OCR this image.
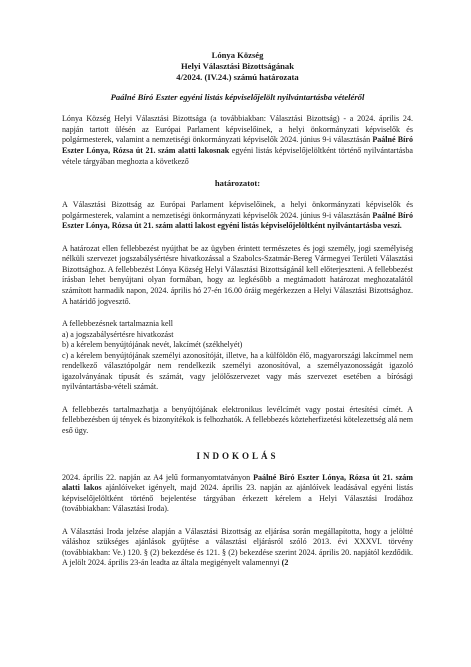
Lónya Község
Helyi Választási Bizottságának
4/2024. (IV.24.) számú határozata
Paálné Bíró Eszter egyéni listás képviselőjelölt nyilvántartásba vételéről

Lónya Község Helyi Választási Bizottsága (a továbbiakban: Választási Bizottság) - a 2024. április 24. napján tartott ülésén az Európai Parlament képviselőinek, a helyi önkormányzati képviselők és polgármesterek, valamint a nemzetiségi önkormányzati képviselők 2024. június 9-i választásán Paálné Bíró Eszter Lónya, Rózsa út 21. szám alatti lakosnak egyéni listás képviselőjelöltként történő nyilvántartásba vétele tárgyában meghozta a következő

határozatot:

A Választási Bizottság az Európai Parlament képviselőinek, a helyi önkormányzati képviselők és polgármesterek, valamint a nemzetiségi önkormányzati képviselők 2024. június 9-i választásán Paálné Bíró Eszter Lónya, Rózsa út 21. szám alatti lakost egyéni listás képviselőjelöltként nyilvántartásba veszi.

A határozat ellen fellebbezést nyújthat be az ügyben érintett természetes és jogi személy, jogi személyiség nélküli szervezet jogszabálysértésre hivatkozással a Szabolcs-Szatmár-Bereg Vármegyei Területi Választási Bizottsághoz. A fellebbezést Lónya Község Helyi Választási Bizottságánál kell előterjeszteni. A fellebbezést írásban lehet benyújtani olyan formában, hogy az legkésőbb a megtámadott határozat meghozatalától számított harmadik napon, 2024. április hó 27-én 16.00 óráig megérkezzen a Helyi Választási Bizottsághoz. A határidő jogvesztő.

A fellebbezésnek tartalmaznia kell

a) a jogszabálysértésre hivatkozást

b) a kérelem benyújtójának nevét, lakcímét (székhelyét)

c) a kérelem benyújtójának személyi azonosítóját, illetve, ha a külföldön élő, magyarországi lakcímmel nem rendelkező választópolgár nem rendelkezik személyi azonosítóval, a személyazonosságát igazoló igazolványának típusát és számát, vagy jelölőszervezet vagy más szervezet esetében a bírósági nyilvántartásba-vételi számát.

A fellebbezés tartalmazhatja a benyújtójának elektronikus levélcímét vagy postai értesítési címét. A fellebbezésben új tények és bizonyítékok is felhozhatók. A fellebbezés közteherfizetési kötelezettség alá nem eső ügy.

INDOKOLÁS

2024. április 22. napján az A4 jelű formanyomtatványon Paálné Bíró Eszter Lónya, Rózsa út 21. szám alatti lakos ajánlóíveket igényelt, majd 2024. április 23. napján az ajánlóívek leadásával egyéni listás képviselőjelöltként történő bejelentése tárgyában érkezett kérelem a Helyi Választási Irodához (továbbiakban: Választási Iroda).

A Választási Iroda jelzése alapján a Választási Bizottság az eljárása során megállapította, hogy a jelöltté váláshoz szükséges ajánlások gyűjtése a választási eljárásról szóló 2013. évi XXXVI. törvény (továbbiakban: Ve.) 120. § (2) bekezdése és 121. § (2) bekezdése szerint 2024. április 20. napjától kezdődik. A jelölt 2024. április 23-án leadta az általa megigényelt valamennyi (2
